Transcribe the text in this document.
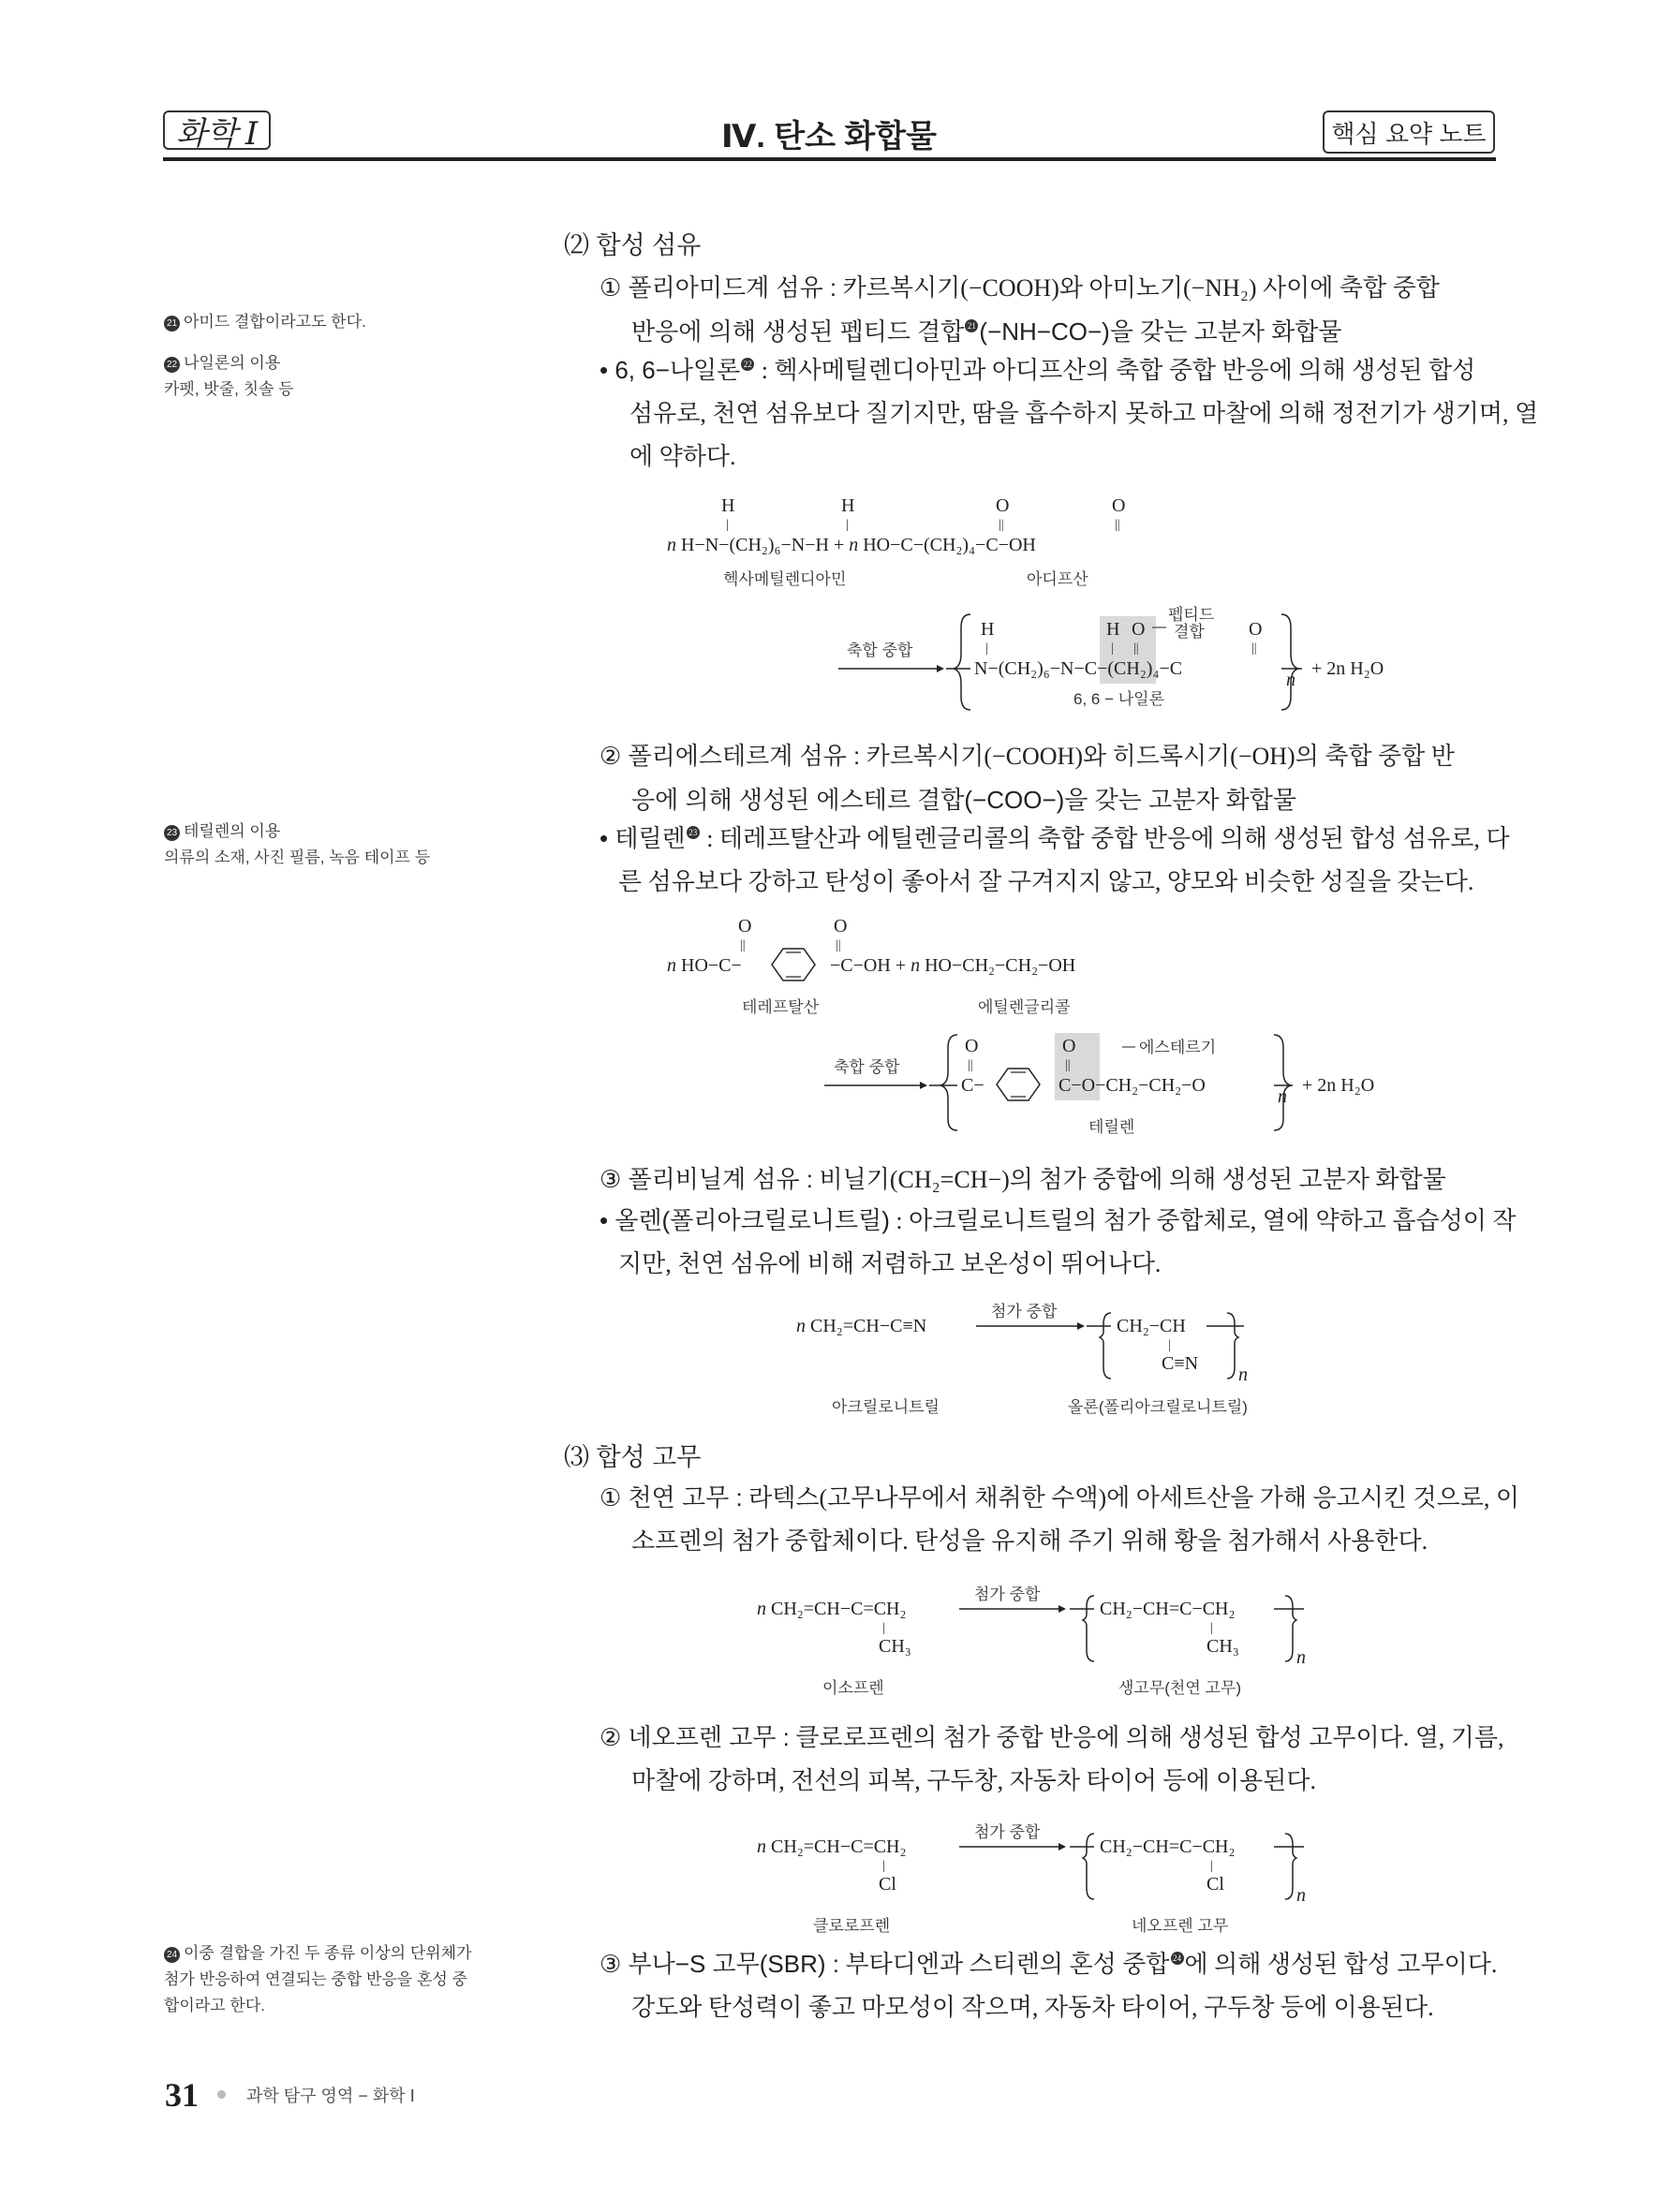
화학 Ⅰ	Ⅳ. 탄소 화합물	핵심 요약 노트
21 아미드 결합이라고도 한다.
22 나일론의 이용
카펫, 밧줄, 칫솔 등
23 테릴렌의 이용
의류의 소재, 사진 필름, 녹음 테이프 등
24 이중 결합을 가진 두 종류 이상의 단위체가
첨가 반응하여 연결되는 중합 반응을 혼성 중
합이라고 한다.
⑵ 합성 섬유
① 폴리아미드계 섬유 : 카르복시기(−COOH)와 아미노기(−NH₂) 사이에 축합 중합
반응에 의해 생성된 펩티드 결합 21 (−NH−CO−)을 갖는 고분자 화합물
• 6, 6−나일론 22 : 헥사메틸렌디아민과 아디프산의 축합 중합 반응에 의해 생성된 합성
섬유로, 천연 섬유보다 질기지만, 땀을 흡수하지 못하고 마찰에 의해 정전기가 생기며, 열
에 약하다.
H	H	O	O
|	|	||	||
n H−N−(CH₂)₆−N−H + n HO−C−(CH₂)₄−C−OH
헥사메틸렌디아민	아디프산
축합 중합
H	H O	O
|	| ||	||
N−(CH₂)₆−N−C−(CH₂)₄−C
n
+ 2n H₂O
펩티드
결합
6, 6 − 나일론
② 폴리에스테르계 섬유 : 카르복시기(−COOH)와 히드록시기(−OH)의 축합 중합 반
응에 의해 생성된 에스테르 결합(−COO−)을 갖는 고분자 화합물
• 테릴렌 23 : 테레프탈산과 에틸렌글리콜의 축합 중합 반응에 의해 생성된 합성 섬유로, 다
른 섬유보다 강하고 탄성이 좋아서 잘 구겨지지 않고, 양모와 비슷한 성질을 갖는다.
O	O
||	||
n HO−C−	−C−OH + n HO−CH₂−CH₂−OH
테레프탈산	에틸렌글리콜
축합 중합
O	O
||	||
C−	C−O−CH₂−CH₂−O
n
+ 2n H₂O
에스테르기
테릴렌
③ 폴리비닐계 섬유 : 비닐기(CH₂=CH−)의 첨가 중합에 의해 생성된 고분자 화합물
• 올렌(폴리아크릴로니트릴) : 아크릴로니트릴의 첨가 중합체로, 열에 약하고 흡습성이 작
지만, 천연 섬유에 비해 저렴하고 보온성이 뛰어나다.
n CH₂=CH−C≡N	CH₂−CH
|
C≡N
n
첨가 중합
아크릴로니트릴	올론(폴리아크릴로니트릴)
⑶ 합성 고무
① 천연 고무 : 라텍스(고무나무에서 채취한 수액)에 아세트산을 가해 응고시킨 것으로, 이
소프렌의 첨가 중합체이다. 탄성을 유지해 주기 위해 황을 첨가해서 사용한다.
n CH₂=CH−C=CH₂
|
CH₃
CH₂−CH=C−CH₂
|
CH₃
n
첨가 중합
이소프렌	생고무(천연 고무)
② 네오프렌 고무 : 클로로프렌의 첨가 중합 반응에 의해 생성된 합성 고무이다. 열, 기름,
마찰에 강하며, 전선의 피복, 구두창, 자동차 타이어 등에 이용된다.
n CH₂=CH−C=CH₂
|
Cl
CH₂−CH=C−CH₂
|
Cl
n
첨가 중합
클로로프렌	네오프렌 고무
③ 부나−S 고무(SBR) : 부타디엔과 스티렌의 혼성 중합 24 에 의해 생성된 합성 고무이다.
강도와 탄성력이 좋고 마모성이 작으며, 자동차 타이어, 구두창 등에 이용된다.
31	과학 탐구 영역 − 화학 Ⅰ
